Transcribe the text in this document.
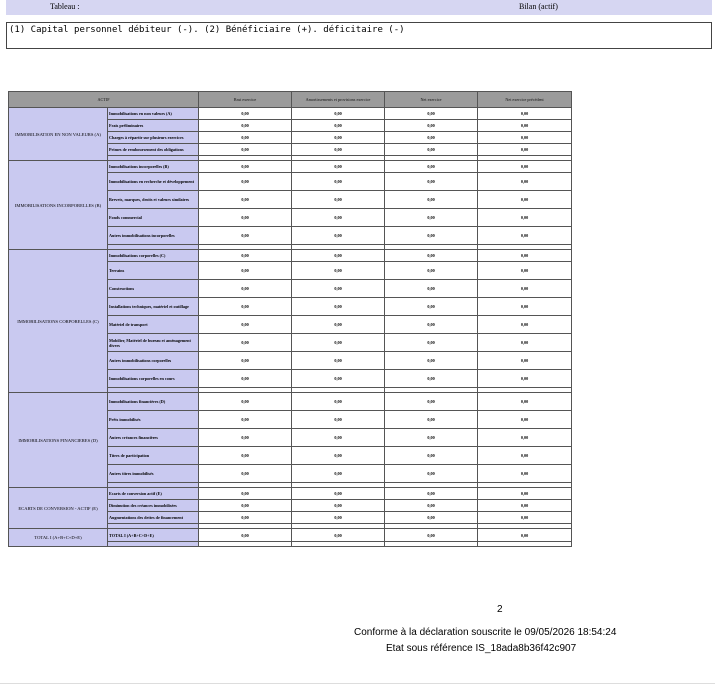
Tableau :	Bilan (actif)
(1) Capital personnel débiteur (-). (2) Bénéficiaire (+). déficitaire (-)
ACTIF		Brut exercice	Amortissements et provisions exercice	Net exercice	Net exercice précédent
IMMOBILISATION EN NON VALEURS (A)	Immobilisations en non valeurs (A)	0,00	0,00	0,00	0,00
	Frais préliminaires	0,00	0,00	0,00	0,00
	Charges à répartir sur plusieurs exercices	0,00	0,00	0,00	0,00
	Primes de remboursement des obligations	0,00	0,00	0,00	0,00

IMMOBILISATIONS INCORPORELLES (B)	Immobilisations incorporelles (B)	0,00	0,00	0,00	0,00
	Immobilisations en recherche et développement	0,00	0,00	0,00	0,00
	Brevets, marques, droits et valeurs similaires	0,00	0,00	0,00	0,00
	Fonds commercial	0,00	0,00	0,00	0,00
	Autres immobilisations incorporelles	0,00	0,00	0,00	0,00

IMMOBILISATIONS CORPORELLES (C)	Immobilisations corporelles (C)	0,00	0,00	0,00	0,00
	Terrains	0,00	0,00	0,00	0,00
	Constructions	0,00	0,00	0,00	0,00
	Installations techniques, matériel et outillage	0,00	0,00	0,00	0,00
	Matériel de transport	0,00	0,00	0,00	0,00
	Mobilier, Matériel de bureau et aménagement divers	0,00	0,00	0,00	0,00
	Autres immobilisations corporelles	0,00	0,00	0,00	0,00
	Immobilisations corporelles en cours	0,00	0,00	0,00	0,00

IMMOBILISATIONS FINANCIERES (D)	Immobilisations financières (D)	0,00	0,00	0,00	0,00
	Prêts immobilisés	0,00	0,00	0,00	0,00
	Autres créances financières	0,00	0,00	0,00	0,00
	Titres de participation	0,00	0,00	0,00	0,00
	Autres titres immobilisés	0,00	0,00	0,00	0,00

ECARTS DE CONVERSION - ACTIF (E)	Ecarts de conversion actif (E)	0,00	0,00	0,00	0,00
	Diminution des créances immobilisées	0,00	0,00	0,00	0,00
	Augmentations des dettes de financement	0,00	0,00	0,00	0,00

TOTAL I (A+B+C+D+E)	TOTAL I (A+B+C+D+E)	0,00	0,00	0,00	0,00

2
Conforme à la déclaration souscrite le 09/05/2026 18:54:24
Etat sous référence IS_18ada8b36f42c907
